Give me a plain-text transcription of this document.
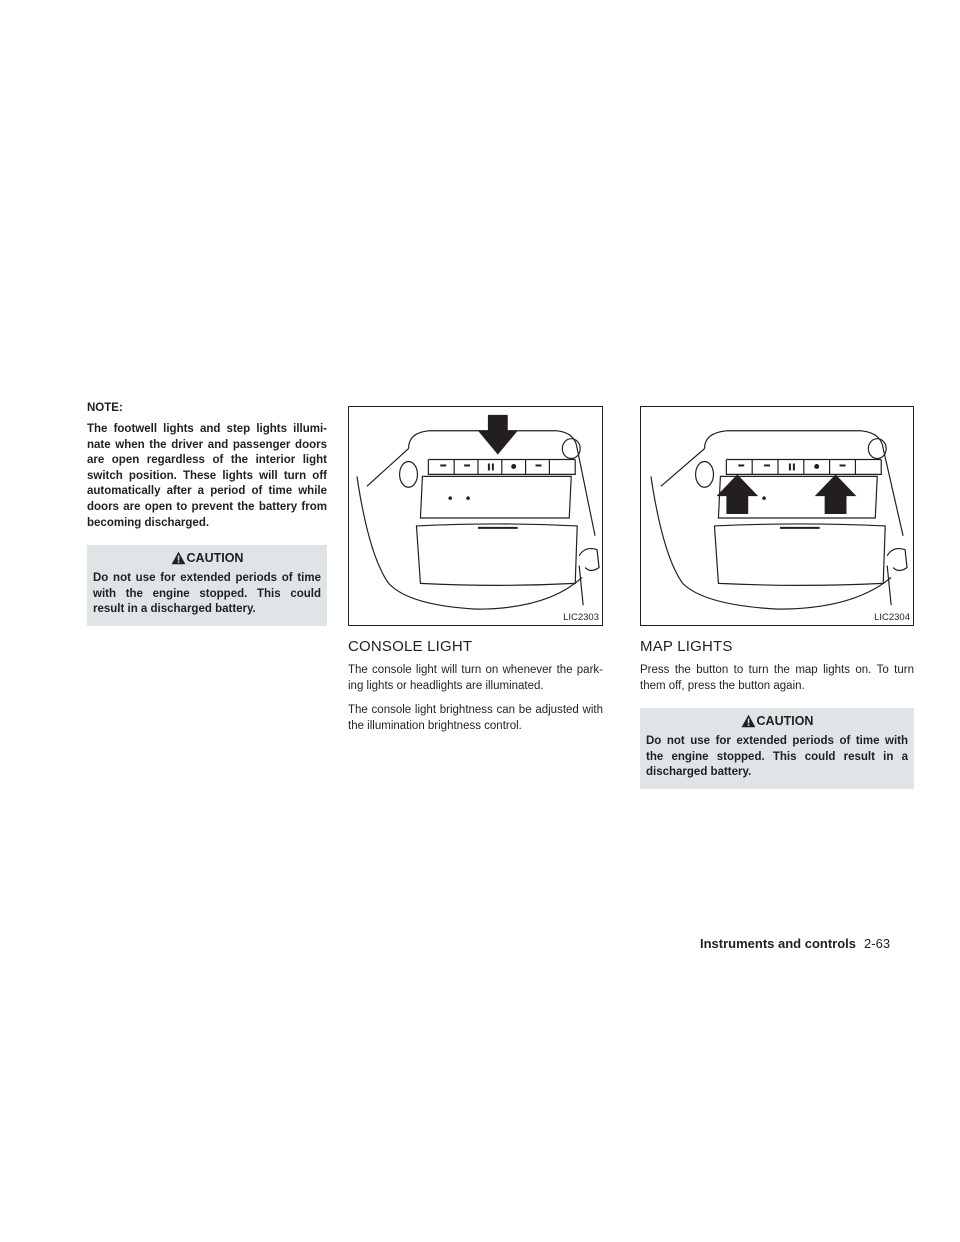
NOTE:

The footwell lights and step lights illumi- nate when the driver and passenger doors are open regardless of the interior light switch position. These lights will turn off automatically after a period of time while doors are open to prevent the battery from becoming discharged.

CAUTION

Do not use for extended periods of time with the engine stopped. This could result in a discharged battery.

LIC2303
CONSOLE LIGHT

The console light will turn on whenever the park- ing lights or headlights are illuminated.

The console light brightness can be adjusted with the illumination brightness control.

LIC2304
MAP LIGHTS

Press the button to turn the map lights on. To turn them off, press the button again.

CAUTION

Do not use for extended periods of time with the engine stopped. This could result in a discharged battery.

Instruments and controls 2-63
